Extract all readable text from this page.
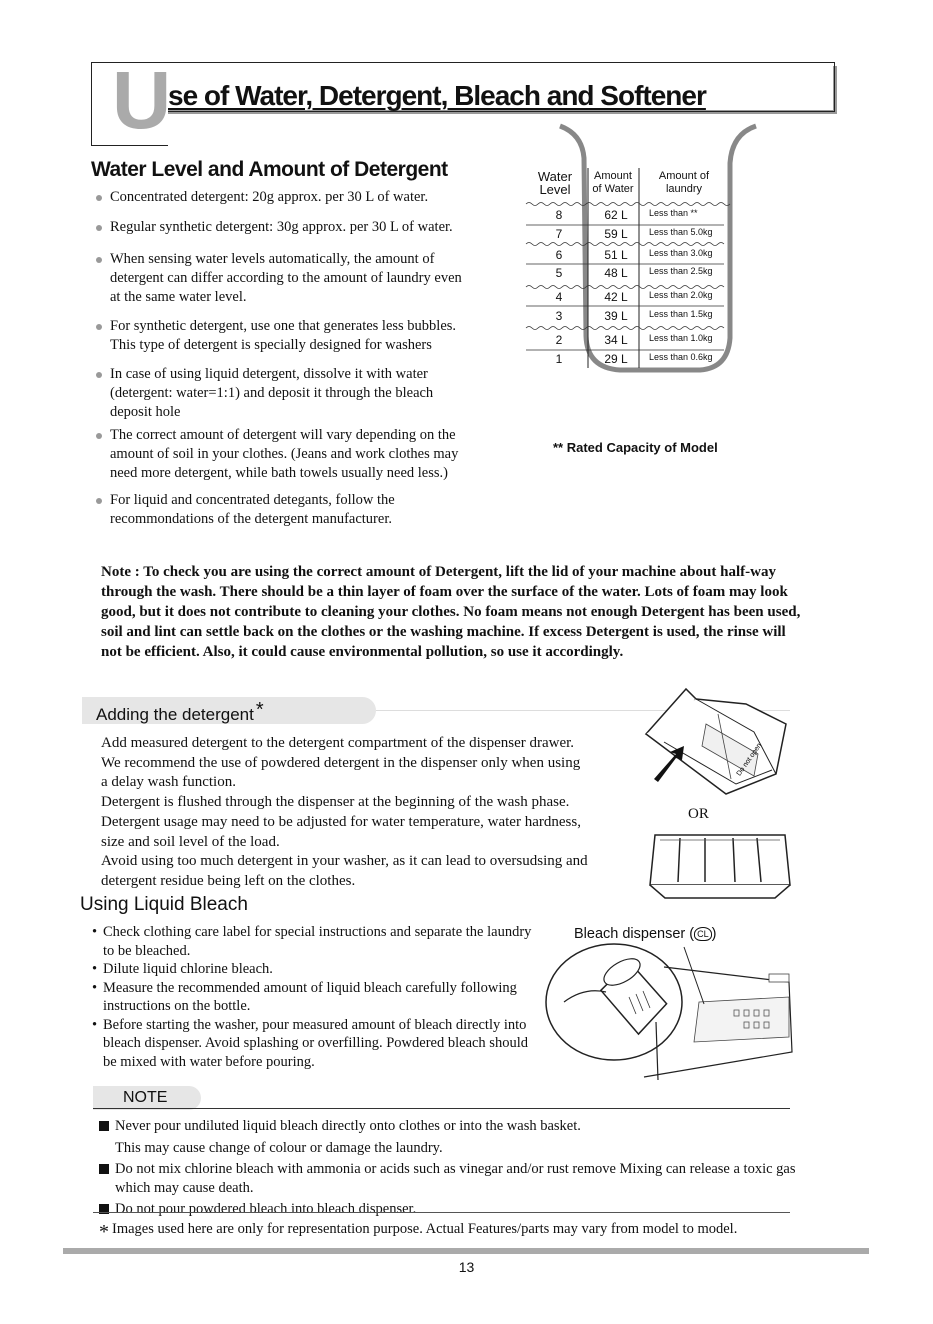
U
se of Water, Detergent, Bleach and Softener
Water Level and Amount of Detergent
Concentrated detergent: 20g approx. per 30 L of water.
Regular synthetic detergent: 30g approx. per 30 L of water.
When sensing water levels automatically, the amount of detergent can differ according to the amount of laundry even at the same water level.
For synthetic detergent, use one that generates less bubbles. This type of detergent is specially designed for washers
In case of using liquid detergent, dissolve it with water (detergent: water=1:1) and deposit it through the bleach deposit hole
The correct amount of detergent will vary depending on the amount of soil in your clothes. (Jeans and work clothes may need more detergent, while bath towels usually need less.)
For liquid and concentrated detegants, follow the recommondations of the detergent manufacturer.
Water Level
Amount of Water
Amount of laundry
8	62 L	Less than **
7	59 L	Less than 5.0kg
6	51 L	Less than 3.0kg
5	48 L	Less than 2.5kg
4	42 L	Less than 2.0kg
3	39 L	Less than 1.5kg
2	34 L	Less than 1.0kg
1	29 L	Less than 0.6kg
** Rated Capacity of Model
Note : To check you are using the correct amount of Detergent, lift the lid of your machine about half-way through the wash. There should be a thin layer of foam over the surface of the water. Lots of foam may look good, but it does not contribute to cleaning your clothes. No foam means not enough Detergent has been used, soil and lint can settle back on the clothes or the washing machine. If excess Detergent is used, the rinse will not be efficient. Also, it could cause environmental pollution, so use it accordingly.
Adding the detergent *
Add measured detergent to the detergent compartment of the dispenser drawer.
We recommend the use of powdered detergent in the dispenser only when using
a delay wash function.
Detergent is flushed through the dispenser at the beginning of the wash phase.
Detergent usage may need to be adjusted for water temperature, water hardness,
size and soil level of the load.
Avoid using too much detergent in your washer, as it can lead to oversudsing and
detergent residue being left on the clothes.
Do not open
OR
Using Liquid Bleach
• Check clothing care label for special instructions and separate the laundry to be bleached.
• Dilute liquid chlorine bleach.
• Measure the recommended amount of liquid bleach carefully following instructions on the bottle.
• Before starting the washer, pour measured amount of bleach directly into bleach dispenser. Avoid splashing or overfilling. Powdered bleach should be mixed with water before pouring.
Bleach dispenser ( CL )
NOTE
Never pour undiluted liquid bleach directly onto clothes or into the wash basket.
This may cause change of colour or damage the laundry.
Do not mix chlorine bleach with ammonia or acids such as vinegar and/or rust remove Mixing can release a toxic gas which may cause death.
Do not pour powdered bleach into bleach dispenser.
* Images used here are only for representation purpose. Actual Features/parts may vary from model to model.
13
